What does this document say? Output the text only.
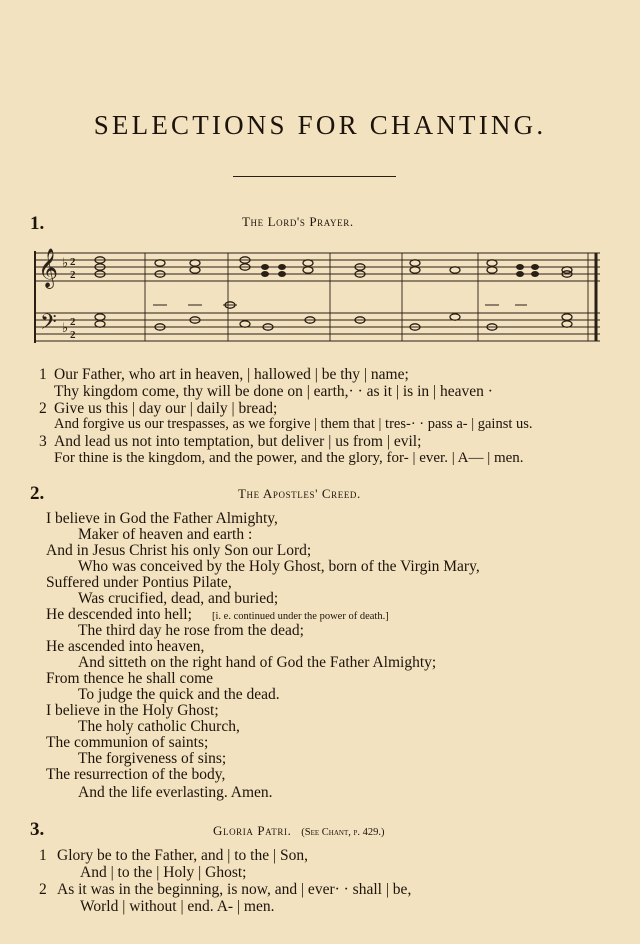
SELECTIONS FOR CHANTING.
1.	The Lord's Prayer.
𝄞
𝄢
♭ 2
2
♭ 2
2
1 Our Father, who art in heaven, | hallowed | be thy | name;
Thy kingdom come, thy will be done on | earth,· · as it | is in | heaven ·
2 Give us this | day our | daily | bread;
And forgive us our trespasses, as we forgive | them that | tres-· · pass a- | gainst us.
3 And lead us not into temptation, but deliver | us from | evil;
For thine is the kingdom, and the power, and the glory, for- | ever. | A— | men.
2.	The Apostles' Creed.
I believe in God the Father Almighty,
Maker of heaven and earth :
And in Jesus Christ his only Son our Lord;
Who was conceived by the Holy Ghost, born of the Virgin Mary,
Suffered under Pontius Pilate,
Was crucified, dead, and buried;
He descended into hell; [i. e. continued under the power of death.]
The third day he rose from the dead;
He ascended into heaven,
And sitteth on the right hand of God the Father Almighty;
From thence he shall come
To judge the quick and the dead.
I believe in the Holy Ghost;
The holy catholic Church,
The communion of saints;
The forgiveness of sins;
The resurrection of the body,
And the life everlasting. Amen.
3.	Gloria Patri. (See Chant, p. 429.)
1 Glory be to the Father, and | to the | Son,
And | to the | Holy | Ghost;
2 As it was in the beginning, is now, and | ever· · shall | be,
World | without | end. A- | men.
